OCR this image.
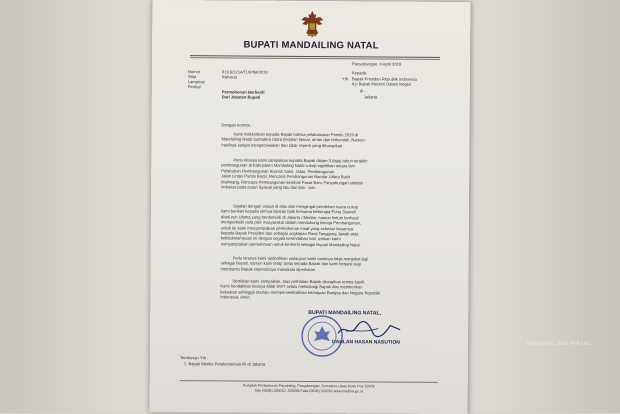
BUPATI MANDAILING NATAL
Panyabungan, 8 April 2019
Nomor	019.6/1214/TU/PIM/2019
Sifat	Rahasia
Lampiran
Perihal
Permohonan Berhenti
Dari Jabatan Bupati
Kepada
Yth. Bapak Presiden Republik Indonesia
d.p Bapak Menteri Dalam Negeri
di -
Jakarta
Dengan hormat,
Kami maklumkan kepada Bapak bahwa pelaksanaan Pemilu 2019 di
Mandailing Natal Sumatera Utara berjalan lancar, aman dan terkendali. Namun
hasilnya sangat mengecewakan dan tidak seperti yang diharapkan.
Perlu kiranya kami sampaikan kepada Bapak dalam 3 (tiga) tahun terakhir
pembangunan di Kabupaten Mandailing Natal cukup signifikan antara lain
Pelabuhan Pembangunan Rumah Sakit, Jalan, Pembangunan
Jalan Lintas Pantai Barat, Rencana Pembangunan Bandar Udara Bukit
Malintang, Rencana Pembangunan kembali Pasar Baru Panyabungan setelah
terbakar pada bulan Syawal yang lalu dan lain - lain.
Sejalan dengan uraian di atas dan mengingat perolehan suara cukup
kami berikan kepada semua lapisan baik bersama beberapa Putra Daerah
diseluruh Ulama yang berdomisili di Jakarta / Medan, namun belum berhasil
memperbaiki pola pikir masyarakat dalam mendukung kinerja Pembangunan,
untuk itu kami menyampaikan permohonan maaf yang sebesar besarnya
kepada Bapak Presiden dan sebagai ungkapan Rasa Tanggung Jawab atas
ketidakmampuan ini dengan segala kerendahan hati, izinkan kami
menyampaikan permohonan untuk berhenti sebagai Bupati Mandailing Natal.
Perlu kiranya kami tambahkan walaupun kami nantinya tidak menjabat lagi
sebagai Bupati, namun kami tetap Setia kepada Bapak dan kami berjanji siap
membantu Bapak sepenuhnya manakala diperlukan.
Demikian kami sampaikan, atas perhatian Bapak diucapkan terima kasih.
Kami hendakkan kiranya Allah SWT selalu melindungi Bapak dan memberikan
kekuatan sehingga mampu mempersembahkan kemajuan Bangsa dan Negara Republik
Indonesia. Amin.
BUPATI MANDAILING NATAL,
DAHLAN HASAN NASUTION
Tembusan Yth :
1. Bapak Menko Perekonomian RI di Jakarta
Komplek Perkantoran Payaloting, Panyabungan, Sumatera Utara Kode Pos 22978
Telp (0636) 326010, 326256 Faks (0636) 326262 www.madina.go.id
MANDAILING NATAL
